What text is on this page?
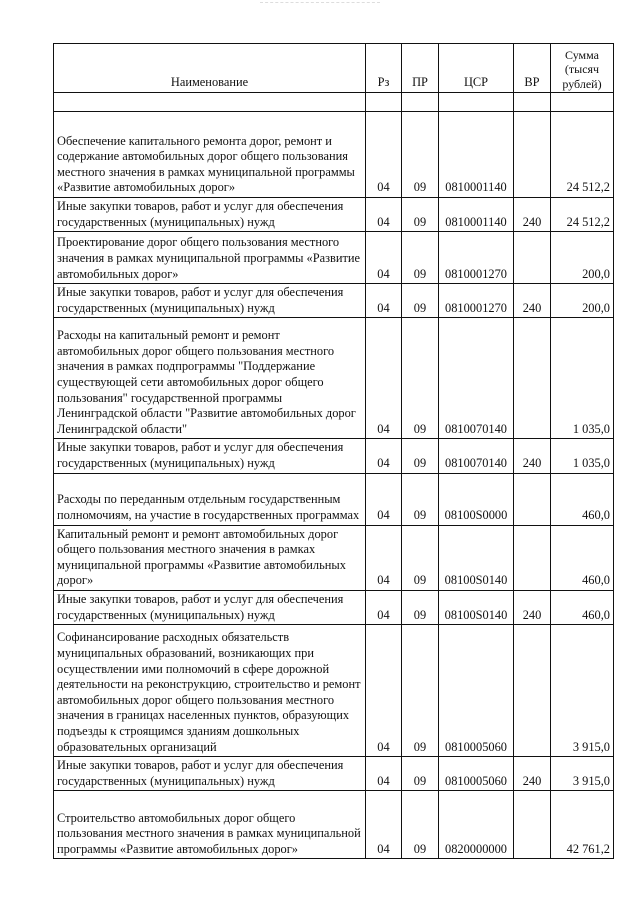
Наименование	Рз	ПР	ЦСР	ВР	Сумма
(тысяч
рублей)

Обеспечение капитального ремонта дорог, ремонт и содержание автомобильных дорог общего пользования местного значения в рамках муниципальной программы «Развитие автомобильных дорог»	04	09	0810001140		24 512,2
Иные закупки товаров, работ и услуг для обеспечения государственных (муниципальных) нужд	04	09	0810001140	240	24 512,2
Проектирование дорог общего пользования местного значения в рамках муниципальной программы «Развитие автомобильных дорог»	04	09	0810001270		200,0
Иные закупки товаров, работ и услуг для обеспечения государственных (муниципальных) нужд	04	09	0810001270	240	200,0
Расходы на капитальный ремонт и ремонт автомобильных дорог общего пользования местного значения в рамках подпрограммы "Поддержание существующей сети автомобильных дорог общего пользования" государственной программы Ленинградской области "Развитие автомобильных дорог Ленинградской области"	04	09	0810070140		1 035,0
Иные закупки товаров, работ и услуг для обеспечения государственных (муниципальных) нужд	04	09	0810070140	240	1 035,0
Расходы по переданным отдельным государственным полномочиям, на участие в государственных программах	04	09	08100S0000		460,0
Капитальный ремонт и ремонт автомобильных дорог общего пользования местного значения в рамках муниципальной программы «Развитие автомобильных дорог»	04	09	08100S0140		460,0
Иные закупки товаров, работ и услуг для обеспечения государственных (муниципальных) нужд	04	09	08100S0140	240	460,0
Софинансирование расходных обязательств муниципальных образований, возникающих при осуществлении ими полномочий в сфере дорожной деятельности на реконструкцию, строительство и ремонт автомобильных дорог общего пользования местного значения в границах населенных пунктов, образующих подъезды к строящимся зданиям дошкольных образовательных организаций	04	09	0810005060		3 915,0
Иные закупки товаров, работ и услуг для обеспечения государственных (муниципальных) нужд	04	09	0810005060	240	3 915,0
Строительство автомобильных дорог общего пользования местного значения в рамках муниципальной программы «Развитие автомобильных дорог»	04	09	0820000000		42 761,2
